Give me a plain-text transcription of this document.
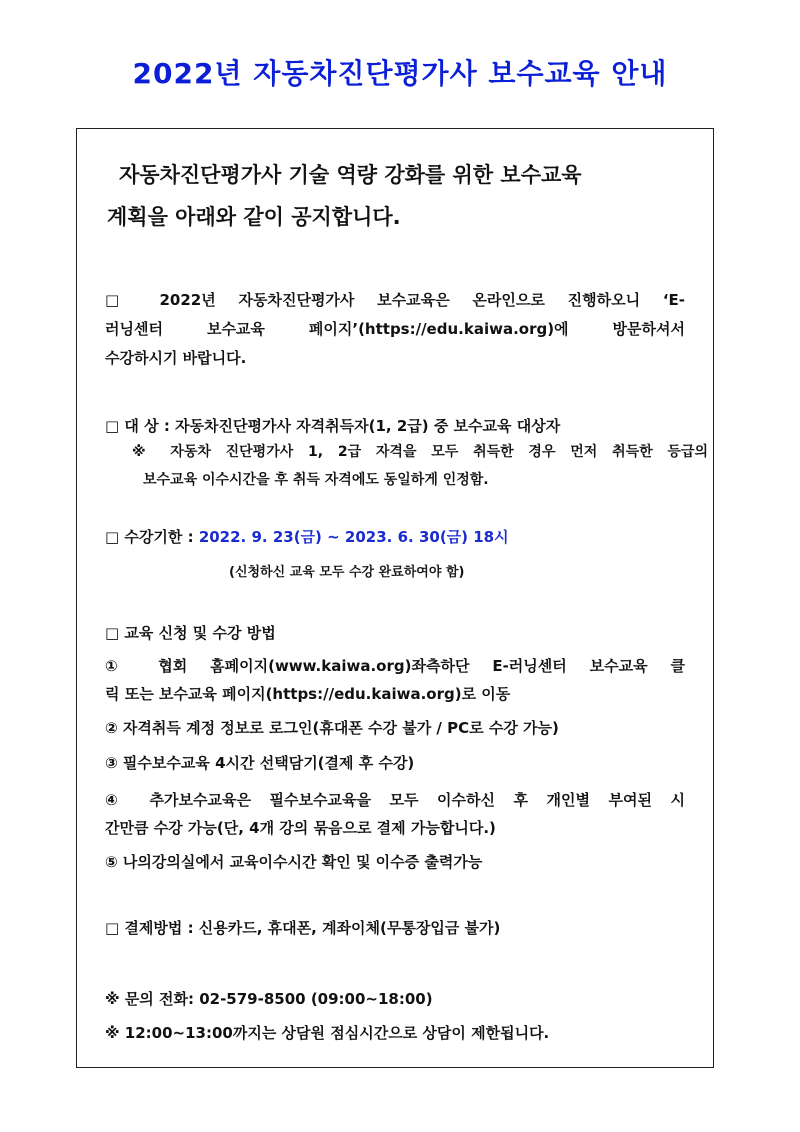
2022년 자동차진단평가사 보수교육 안내
자동차진단평가사 기술 역량 강화를 위한 보수교육
계획을 아래와 같이 공지합니다.
□ 2022년 자동차진단평가사 보수교육은 온라인으로 진행하오니 ‘E-
러닝센터 보수교육 페이지’(https://edu.kaiwa.org)에 방문하셔서
수강하시기 바랍니다.
□ 대 상 : 자동차진단평가사 자격취득자(1, 2급) 중 보수교육 대상자
※ 자동차 진단평가사 1, 2급 자격을 모두 취득한 경우 먼저 취득한 등급의
보수교육 이수시간을 후 취득 자격에도 동일하게 인정함.
□ 수강기한 : 2022. 9. 23(금) ~ 2023. 6. 30(금) 18시
(신청하신 교육 모두 수강 완료하여야 함)
□ 교육 신청 및 수강 방법
① 협회 홈페이지(www.kaiwa.org)좌측하단 E-러닝센터 보수교육 클
릭 또는 보수교육 페이지(https://edu.kaiwa.org)로 이동
② 자격취득 계정 정보로 로그인(휴대폰 수강 불가 / PC로 수강 가능)
③ 필수보수교육 4시간 선택담기(결제 후 수강)
④ 추가보수교육은 필수보수교육을 모두 이수하신 후 개인별 부여된 시
간만큼 수강 가능(단, 4개 강의 묶음으로 결제 가능합니다.)
⑤ 나의강의실에서 교육이수시간 확인 및 이수증 출력가능
□ 결제방법 : 신용카드, 휴대폰, 계좌이체(무통장입금 불가)
※ 문의 전화: 02-579-8500 (09:00~18:00)
※ 12:00~13:00까지는 상담원 점심시간으로 상담이 제한됩니다.
